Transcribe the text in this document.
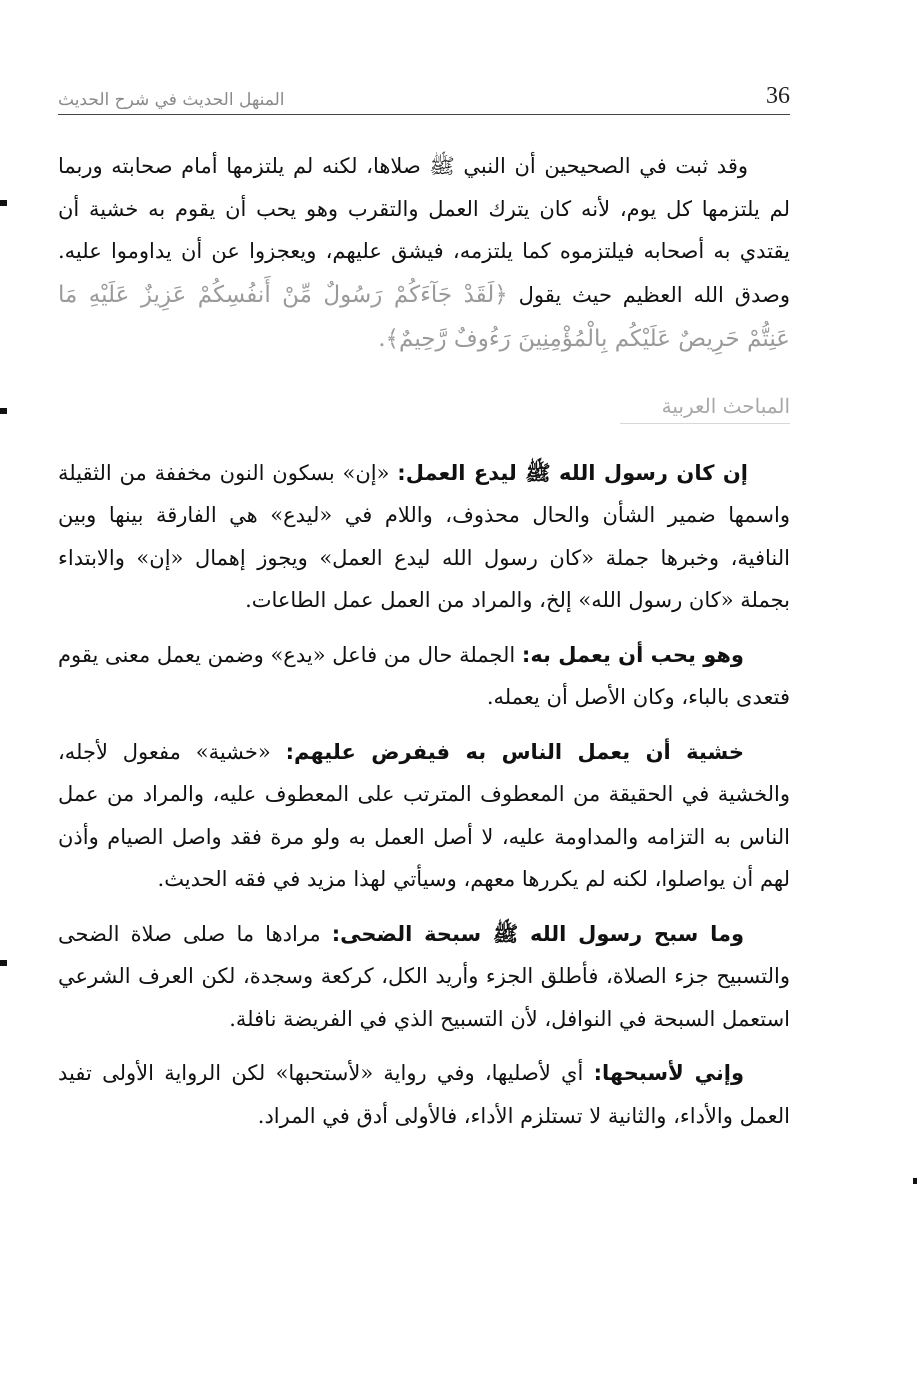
36
المنهل الحديث في شرح الحديث

وقد ثبت في الصحيحين أن النبي ﷺ صلاها، لكنه لم يلتزمها أمام صحابته وربما لم يلتزمها كل يوم، لأنه كان يترك العمل والتقرب وهو يحب أن يقوم به خشية أن يقتدي به أصحابه فيلتزموه كما يلتزمه، فيشق عليهم، ويعجزوا عن أن يداوموا عليه. وصدق الله العظيم حيث يقول ﴿لَقَدْ جَآءَكُمْ رَسُولٌ مِّنْ أَنفُسِكُمْ عَزِيزٌ عَلَيْهِ مَا عَنِتُّمْ حَرِيصٌ عَلَيْكُم بِالْمُؤْمِنِينَ رَءُوفٌ رَّحِيمٌ﴾.

المباحث العربية

إن كان رسول الله ﷺ ليدع العمل: «إن» بسكون النون مخففة من الثقيلة واسمها ضمير الشأن والحال محذوف، واللام في «ليدع» هي الفارقة بينها وبين النافية، وخبرها جملة «كان رسول الله ليدع العمل» ويجوز إهمال «إن» والابتداء بجملة «كان رسول الله» إلخ، والمراد من العمل عمل الطاعات.

وهو يحب أن يعمل به: الجملة حال من فاعل «يدع» وضمن يعمل معنى يقوم فتعدى بالباء، وكان الأصل أن يعمله.

خشية أن يعمل الناس به فيفرض عليهم: «خشية» مفعول لأجله، والخشية في الحقيقة من المعطوف المترتب على المعطوف عليه، والمراد من عمل الناس به التزامه والمداومة عليه، لا أصل العمل به ولو مرة فقد واصل الصيام وأذن لهم أن يواصلوا، لكنه لم يكررها معهم، وسيأتي لهذا مزيد في فقه الحديث.

وما سبح رسول الله ﷺ سبحة الضحى: مرادها ما صلى صلاة الضحى والتسبيح جزء الصلاة، فأطلق الجزء وأريد الكل، كركعة وسجدة، لكن العرف الشرعي استعمل السبحة في النوافل، لأن التسبيح الذي في الفريضة نافلة.

وإني لأسبحها: أي لأصليها، وفي رواية «لأستحبها» لكن الرواية الأولى تفيد العمل والأداء، والثانية لا تستلزم الأداء، فالأولى أدق في المراد.
